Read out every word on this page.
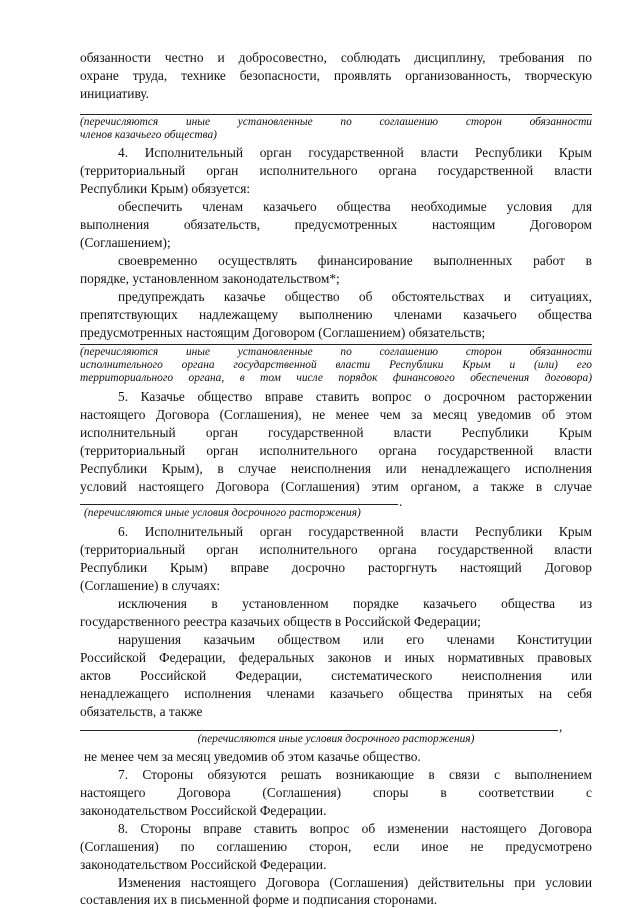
обязанности честно и добросовестно, соблюдать дисциплину, требования по
охране труда, технике безопасности, проявлять организованность, творческую
инициативу.
(перечисляются иные установленные по соглашению сторон обязанности
членов казачьего общества)
4. Исполнительный орган государственной власти Республики Крым
(территориальный орган исполнительного органа государственной власти
Республики Крым) обязуется:
обеспечить членам казачьего общества необходимые условия для
выполнения обязательств, предусмотренных настоящим Договором
(Соглашением);
своевременно осуществлять финансирование выполненных работ в
порядке, установленном законодательством*;
предупреждать казачье общество об обстоятельствах и ситуациях,
препятствующих надлежащему выполнению членами казачьего общества
предусмотренных настоящим Договором (Соглашением) обязательств;
(перечисляются иные установленные по соглашению сторон обязанности
исполнительного органа государственной власти Республики Крым и (или) его
территориального органа, в том числе порядок финансового обеспечения договора)
5. Казачье общество вправе ставить вопрос о досрочном расторжении
настоящего Договора (Соглашения), не менее чем за месяц уведомив об этом
исполнительный орган государственной власти Республики Крым
(территориальный орган исполнительного органа государственной власти
Республики Крым), в случае неисполнения или ненадлежащего исполнения
условий настоящего Договора (Соглашения) этим органом, а также в случае
.
(перечисляются иные условия досрочного расторжения)
6. Исполнительный орган государственной власти Республики Крым
(территориальный орган исполнительного органа государственной власти
Республики Крым) вправе досрочно расторгнуть настоящий Договор
(Соглашение) в случаях:
исключения в установленном порядке казачьего общества из
государственного реестра казачьих обществ в Российской Федерации;
нарушения казачьим обществом или его членами Конституции
Российской Федерации, федеральных законов и иных нормативных правовых
актов Российской Федерации, систематического неисполнения или
ненадлежащего исполнения членами казачьего общества принятых на себя
обязательств, а также
,
(перечисляются иные условия досрочного расторжения)
не менее чем за месяц уведомив об этом казачье общество.
7. Стороны обязуются решать возникающие в связи с выполнением
настоящего Договора (Соглашения) споры в соответствии с
законодательством Российской Федерации.
8. Стороны вправе ставить вопрос об изменении настоящего Договора
(Соглашения) по соглашению сторон, если иное не предусмотрено
законодательством Российской Федерации.
Изменения настоящего Договора (Соглашения) действительны при условии
составления их в письменной форме и подписания сторонами.
